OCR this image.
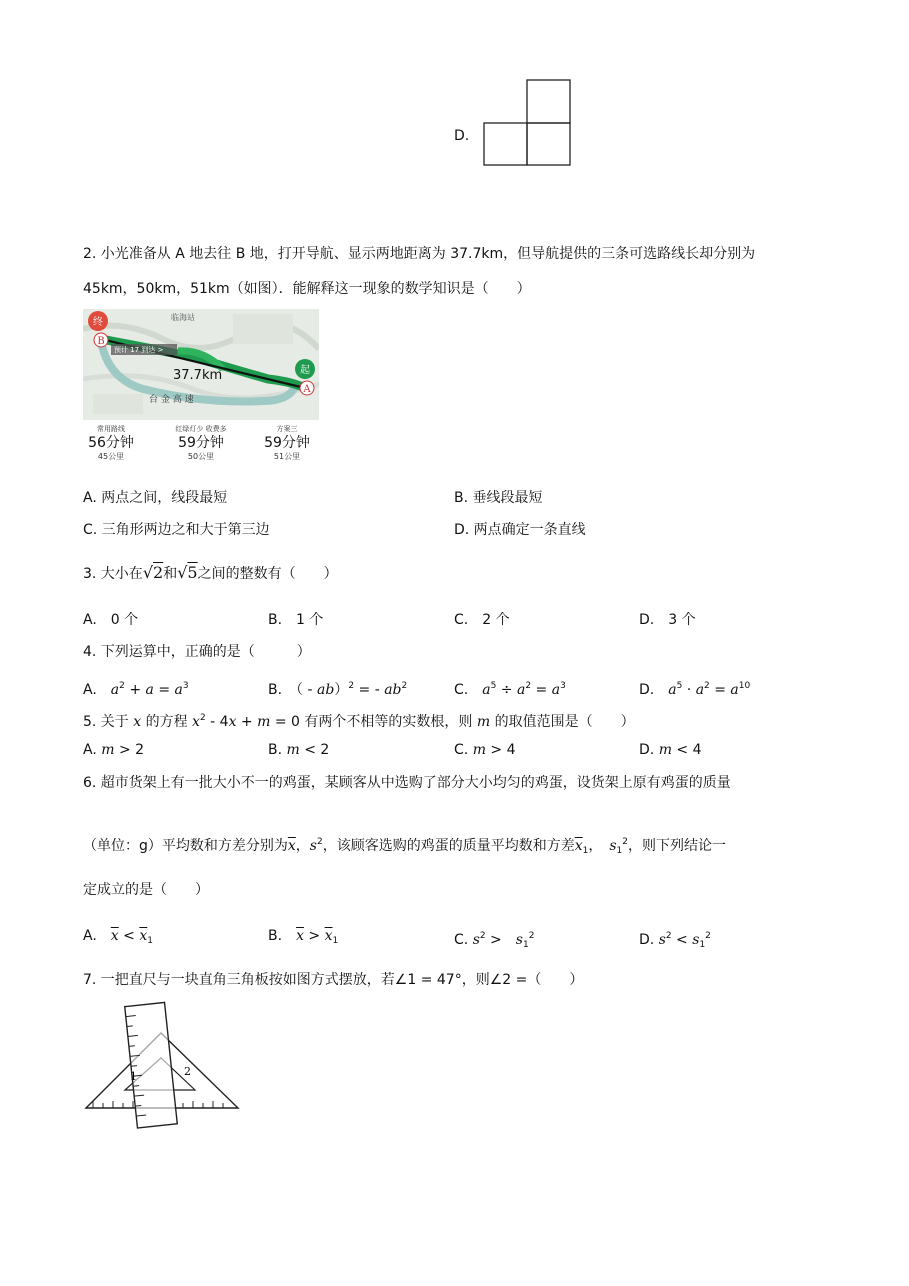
D.
2. 小光准备从 A 地去往 B 地，打开导航、显示两地距离为 37.7km，但导航提供的三条可选路线长却分别为
45km，50km，51km（如图）．能解释这一现象的数学知识是（　　）
终
起
B
A
预计 17 到达 >
37.7km
台 金 高 速
临海站
常用路线
56分钟
45公里
红绿灯少 收费多
59分钟
50公里
方案三
59分钟
51公里
A. 两点之间，线段最短	B. 垂线段最短
C. 三角形两边之和大于第三边	D. 两点确定一条直线
3. 大小在√2和√5之间的整数有（　　）
A.　0 个	B.　1 个	C.　2 个	D.　3 个
4. 下列运算中，正确的是（　　　）
A.　 $a^2 + a = a^3$	B.　（ - ab）$^2$ = - $ab^2$	C.　 $a^5 \div a^2 = a^3$	D.　 $a^5 \cdot a^2 = a^{10}$
5. 关于 x 的方程 $x^2 - 4x + m = 0$ 有两个不相等的实数根，则 m 的取值范围是（　　）
A. m > 2	B. m < 2	C. m > 4	D. m < 4
6. 超市货架上有一批大小不一的鸡蛋，某顾客从中选购了部分大小均匀的鸡蛋，设货架上原有鸡蛋的质量
（单位：g）平均数和方差分别为$\overline{x}$，$s^2$，该顾客选购的鸡蛋的质量平均数和方差$\overline{x}_1$，　 $s_1^2$，则下列结论一
定成立的是（　　）
A.　 $\overline{x} < \overline{x}_1$	B.　 $\overline{x} > \overline{x}_1$	C. $s^2$ >　$s_1^2$	D. $s^2 < s_1^2$
7. 一把直尺与一块直角三角板按如图方式摆放，若∠1 = 47°，则∠2 =（　　）
1	2
